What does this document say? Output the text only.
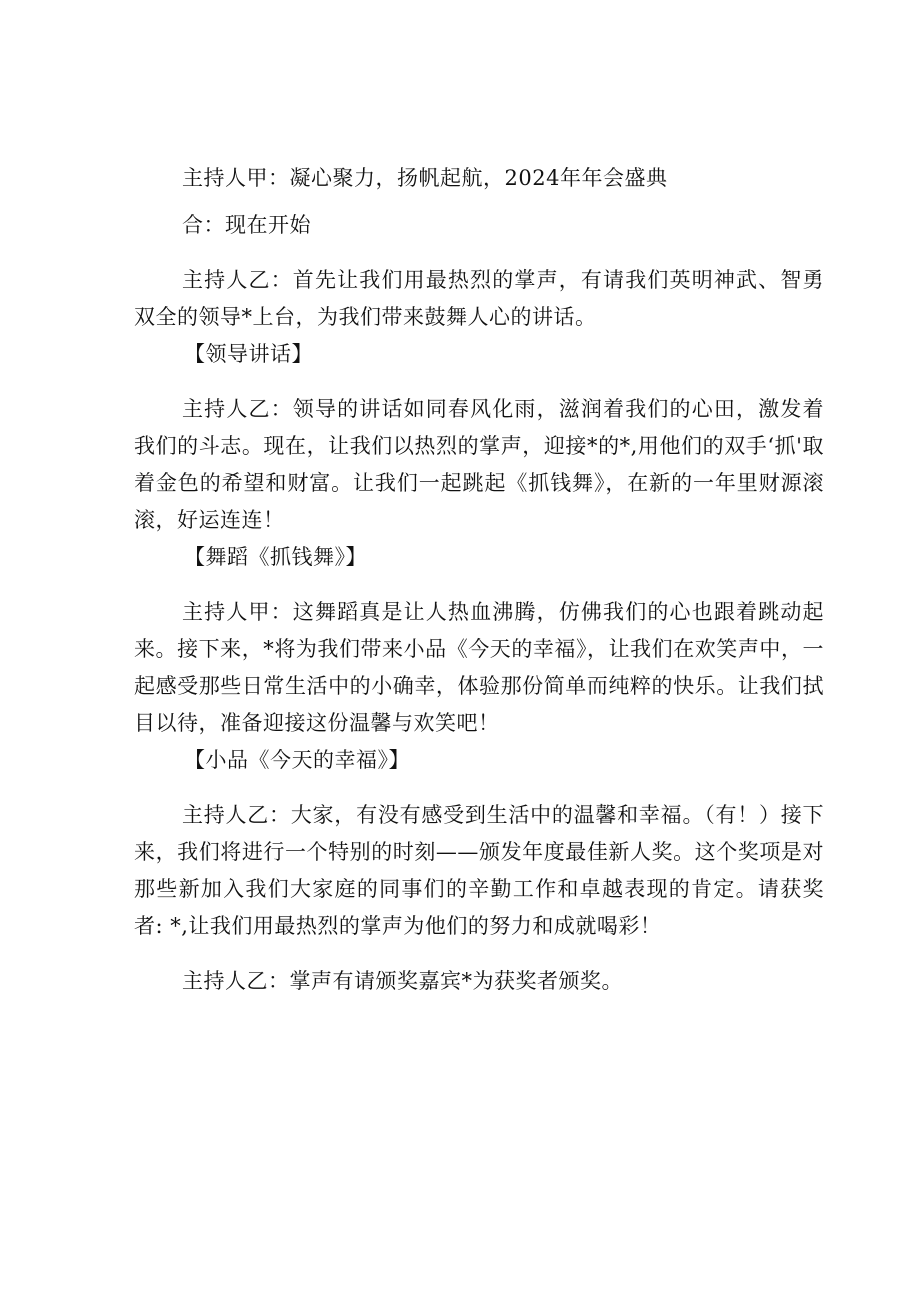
主持人甲：凝心聚力，扬帆起航，2024年年会盛典

合：现在开始

主持人乙：首先让我们用最热烈的掌声，有请我们英明神武、智勇双全的领导*上台，为我们带来鼓舞人心的讲话。

【领导讲话】

主持人乙：领导的讲话如同春风化雨，滋润着我们的心田，激发着我们的斗志。现在，让我们以热烈的掌声，迎接*的*,用他们的双手‘抓'取着金色的希望和财富。让我们一起跳起《抓钱舞》，在新的一年里财源滚滚，好运连连！

【舞蹈《抓钱舞》】

主持人甲：这舞蹈真是让人热血沸腾，仿佛我们的心也跟着跳动起来。接下来，*将为我们带来小品《今天的幸福》，让我们在欢笑声中，一起感受那些日常生活中的小确幸，体验那份简单而纯粹的快乐。让我们拭目以待，准备迎接这份温馨与欢笑吧！

【小品《今天的幸福》】

主持人乙：大家，有没有感受到生活中的温馨和幸福。（有！）接下来，我们将进行一个特别的时刻——颁发年度最佳新人奖。这个奖项是对那些新加入我们大家庭的同事们的辛勤工作和卓越表现的肯定。请获奖者: *,让我们用最热烈的掌声为他们的努力和成就喝彩！

主持人乙：掌声有请颁奖嘉宾*为获奖者颁奖。
